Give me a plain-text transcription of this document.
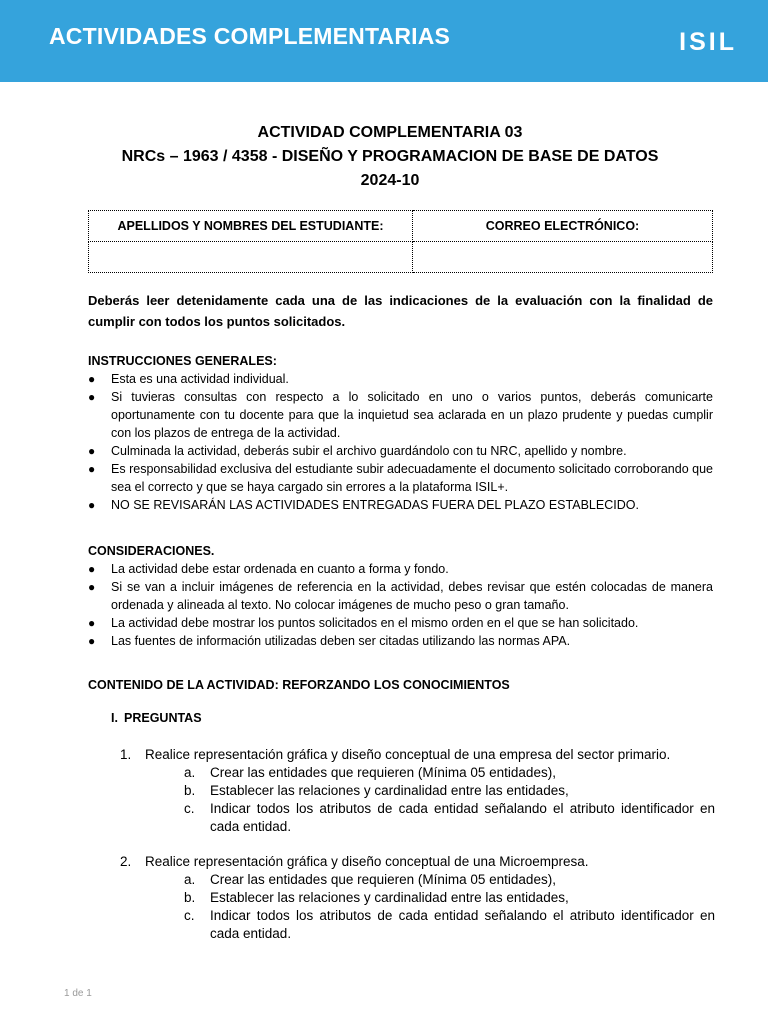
ACTIVIDADES COMPLEMENTARIAS	ISIL
ACTIVIDAD COMPLEMENTARIA 03
NRCs – 1963 / 4358 - DISEÑO Y PROGRAMACION DE BASE DE DATOS
2024-10
APELLIDOS Y NOMBRES DEL ESTUDIANTE:	CORREO ELECTRÓNICO:

Deberás leer detenidamente cada una de las indicaciones de la evaluación con la finalidad de cumplir con todos los puntos solicitados.
INSTRUCCIONES GENERALES:
● Esta es una actividad individual.
● Si tuvieras consultas con respecto a lo solicitado en uno o varios puntos, deberás comunicarte oportunamente con tu docente para que la inquietud sea aclarada en un plazo prudente y puedas cumplir con los plazos de entrega de la actividad.
● Culminada la actividad, deberás subir el archivo guardándolo con tu NRC, apellido y nombre.
● Es responsabilidad exclusiva del estudiante subir adecuadamente el documento solicitado corroborando que sea el correcto y que se haya cargado sin errores a la plataforma ISIL+.
● NO SE REVISARÁN LAS ACTIVIDADES ENTREGADAS FUERA DEL PLAZO ESTABLECIDO.
CONSIDERACIONES.
● La actividad debe estar ordenada en cuanto a forma y fondo.
● Si se van a incluir imágenes de referencia en la actividad, debes revisar que estén colocadas de manera ordenada y alineada al texto. No colocar imágenes de mucho peso o gran tamaño.
● La actividad debe mostrar los puntos solicitados en el mismo orden en el que se han solicitado.
● Las fuentes de información utilizadas deben ser citadas utilizando las normas APA.
CONTENIDO DE LA ACTIVIDAD: REFORZANDO LOS CONOCIMIENTOS
I. PREGUNTAS
1. Realice representación gráfica y diseño conceptual de una empresa del sector primario.
a. Crear las entidades que requieren (Mínima 05 entidades),
b. Establecer las relaciones y cardinalidad entre las entidades,
c. Indicar todos los atributos de cada entidad señalando el atributo identificador en cada entidad.
2. Realice representación gráfica y diseño conceptual de una Microempresa.
a. Crear las entidades que requieren (Mínima 05 entidades),
b. Establecer las relaciones y cardinalidad entre las entidades,
c. Indicar todos los atributos de cada entidad señalando el atributo identificador en cada entidad.
1 de 1
